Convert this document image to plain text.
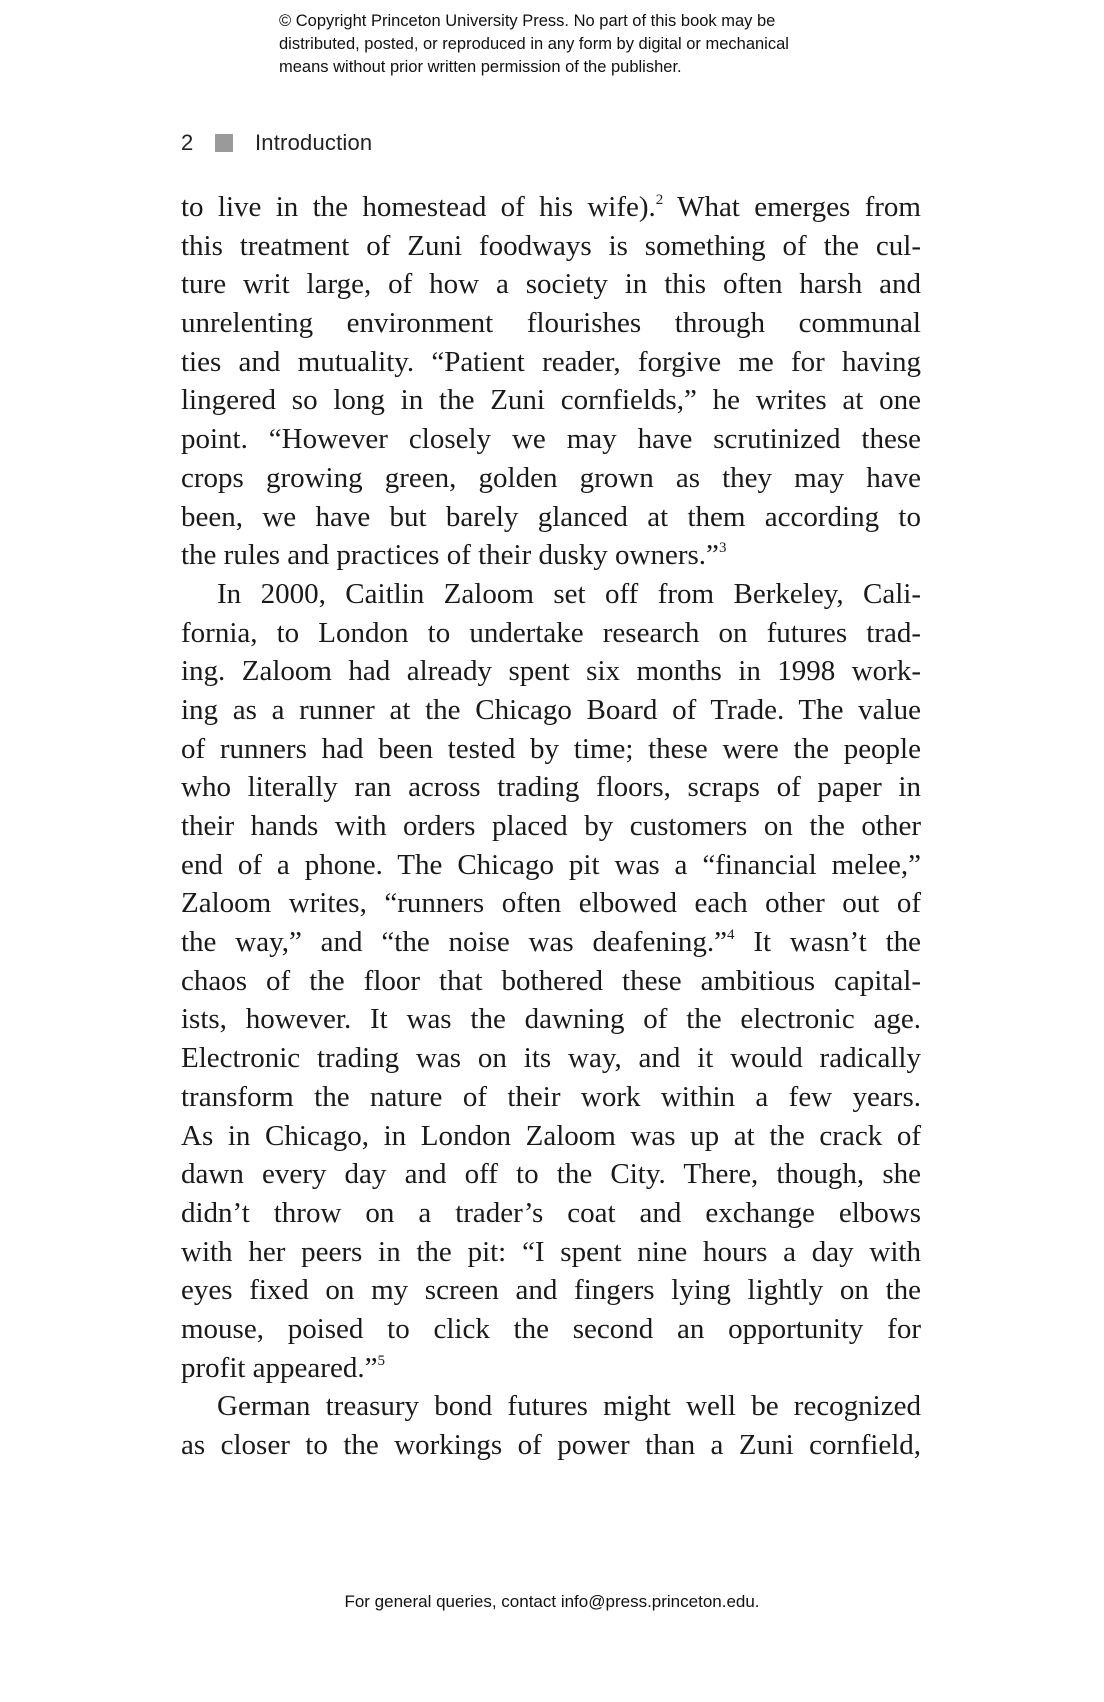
© Copyright Princeton University Press. No part of this book may be
distributed, posted, or reproduced in any form by digital or mechanical
means without prior written permission of the publisher.
2	Introduction
to live in the homestead of his wife).$^2$ What emerges from
this treatment of Zuni foodways is something of the cul-
ture writ large, of how a society in this often harsh and
unrelenting environment flourishes through communal
ties and mutuality. “Patient reader, forgive me for having
lingered so long in the Zuni cornfields,” he writes at one
point. “However closely we may have scrutinized these
crops growing green, golden grown as they may have
been, we have but barely glanced at them according to
the rules and practices of their dusky owners.”$^3$
In 2000, Caitlin Zaloom set off from Berkeley, Cali-
fornia, to London to undertake research on futures trad-
ing. Zaloom had already spent six months in 1998 work-
ing as a runner at the Chicago Board of Trade. The value
of runners had been tested by time; these were the people
who literally ran across trading floors, scraps of paper in
their hands with orders placed by customers on the other
end of a phone. The Chicago pit was a “financial melee,”
Zaloom writes, “runners often elbowed each other out of
the way,” and “the noise was deafening.”$^4$ It wasn’t the
chaos of the floor that bothered these ambitious capital-
ists, however. It was the dawning of the electronic age.
Electronic trading was on its way, and it would radically
transform the nature of their work within a few years.
As in Chicago, in London Zaloom was up at the crack of
dawn every day and off to the City. There, though, she
didn’t throw on a trader’s coat and exchange elbows
with her peers in the pit: “I spent nine hours a day with
eyes fixed on my screen and fingers lying lightly on the
mouse, poised to click the second an opportunity for
profit appeared.”$^5$
German treasury bond futures might well be recognized
as closer to the workings of power than a Zuni cornfield,
For general queries, contact info@press.princeton.edu.
